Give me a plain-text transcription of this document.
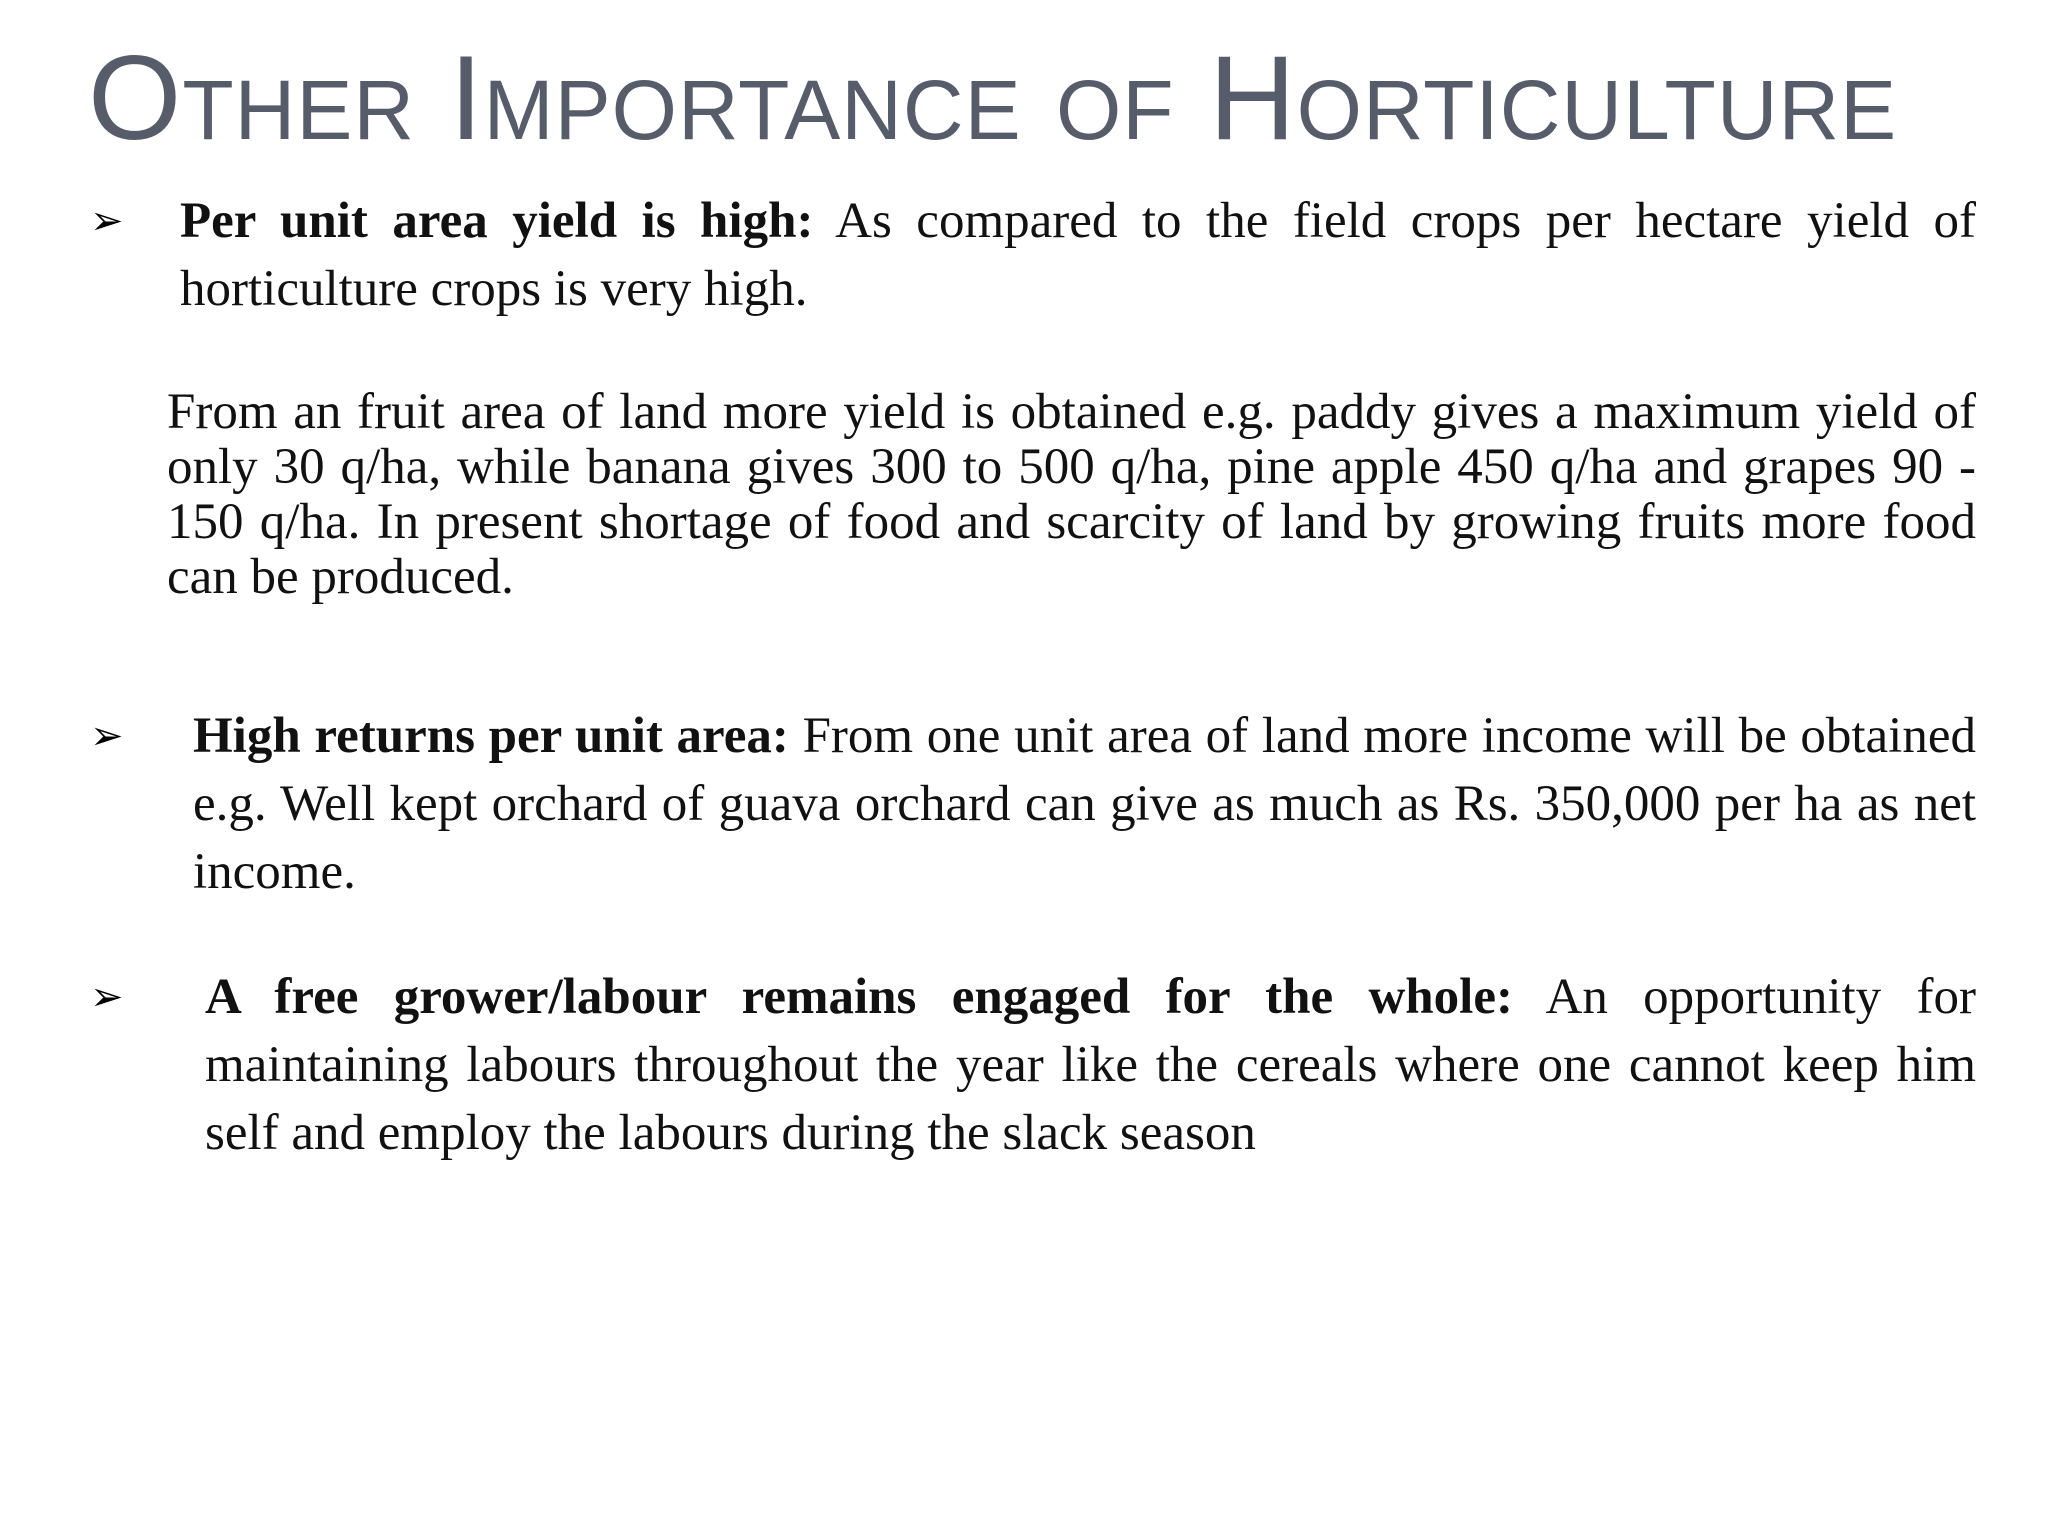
Other Importance of Horticulture
➢ Per unit area yield is high: As compared to the field crops per hectare yield of horticulture crops is very high.

From an fruit area of land more yield is obtained e.g. paddy gives a maximum yield of only 30 q/ha, while banana gives 300 to 500 q/ha, pine apple 450 q/ha and grapes 90 - 150 q/ha. In present shortage of food and scarcity of land by growing fruits more food can be produced.

➢ High returns per unit area: From one unit area of land more income will be obtained e.g. Well kept orchard of guava orchard can give as much as Rs. 350,000 per ha as net income.
➢ A free grower/labour remains engaged for the whole: An opportunity for maintaining labours throughout the year like the cereals where one cannot keep him self and employ the labours during the slack season
